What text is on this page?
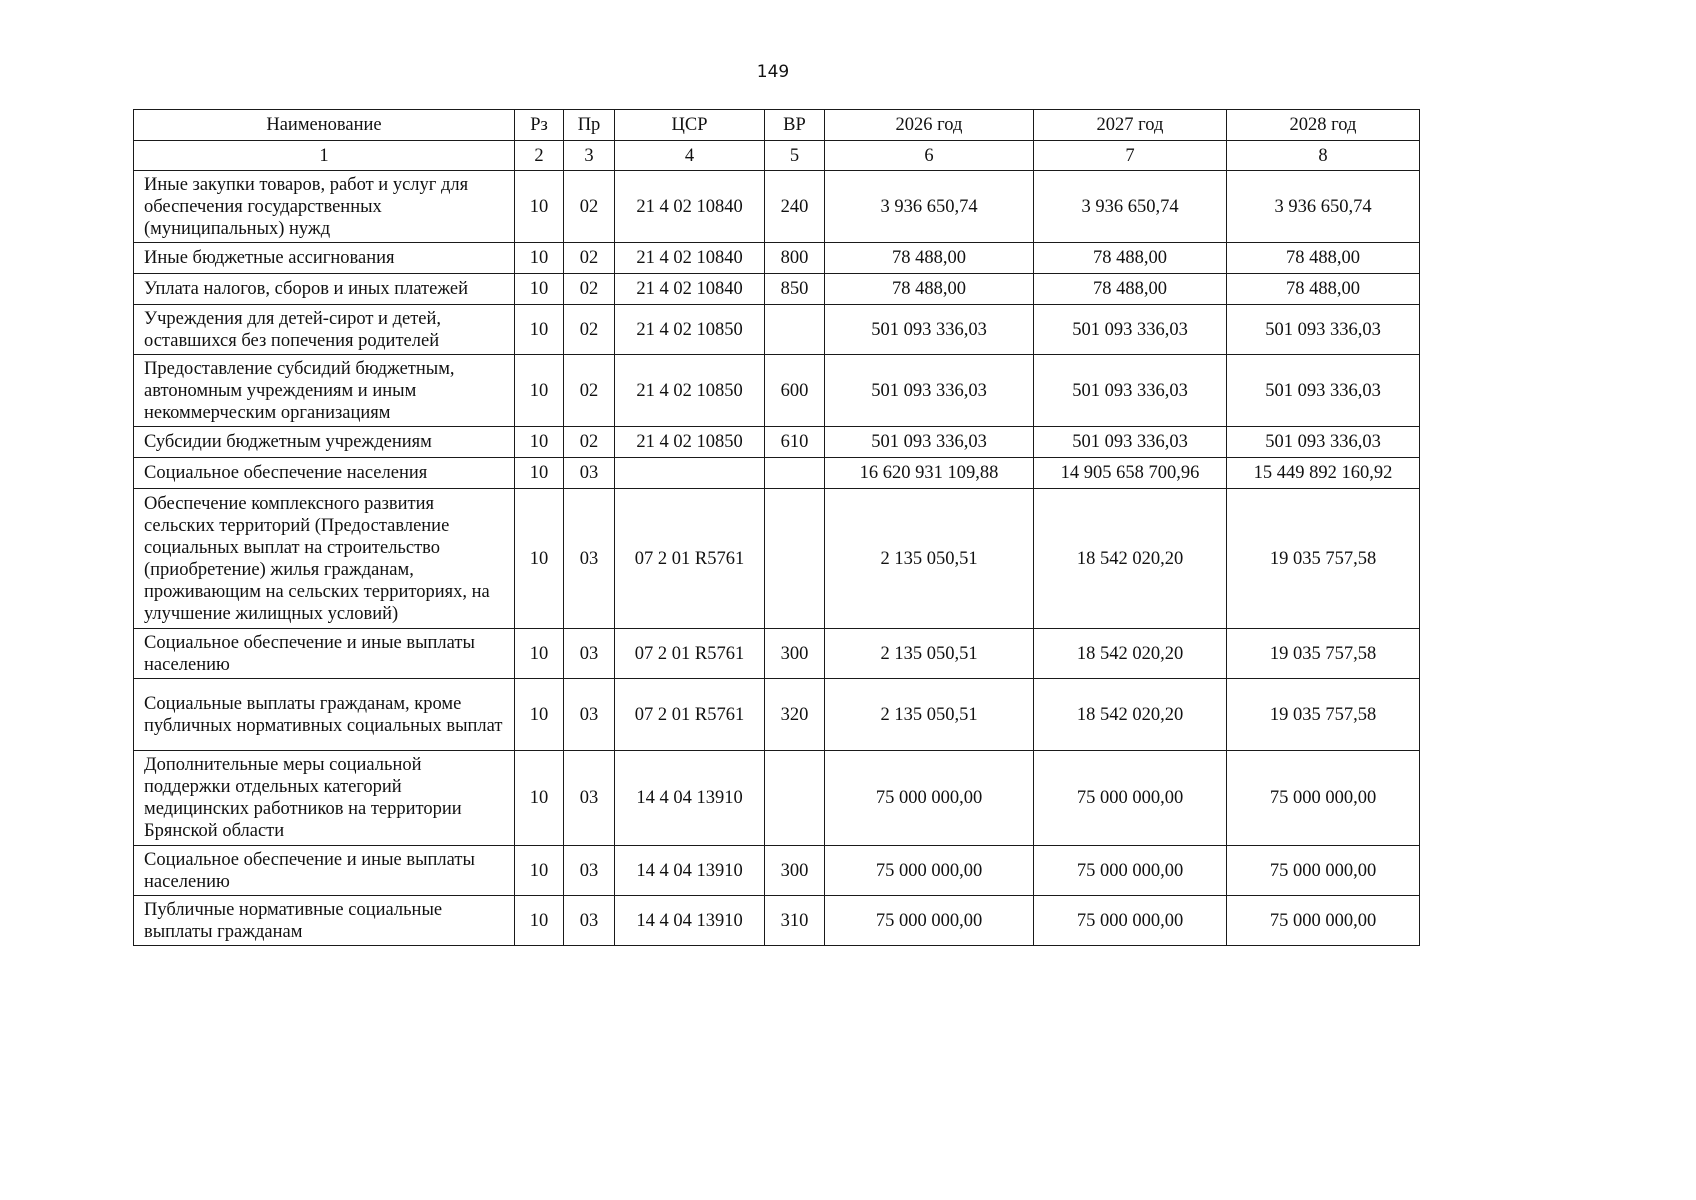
149
Наименование	Рз	Пр	ЦСР	ВР	2026 год	2027 год	2028 год
1	2	3	4	5	6	7	8
Иные закупки товаров, работ и услуг для обеспечения государственных (муниципальных) нужд	10	02	21 4 02 10840	240	3 936 650,74	3 936 650,74	3 936 650,74
Иные бюджетные ассигнования	10	02	21 4 02 10840	800	78 488,00	78 488,00	78 488,00
Уплата налогов, сборов и иных платежей	10	02	21 4 02 10840	850	78 488,00	78 488,00	78 488,00
Учреждения для детей-сирот и детей, оставшихся без попечения родителей	10	02	21 4 02 10850		501 093 336,03	501 093 336,03	501 093 336,03
Предоставление субсидий бюджетным, автономным учреждениям и иным некоммерческим организациям	10	02	21 4 02 10850	600	501 093 336,03	501 093 336,03	501 093 336,03
Субсидии бюджетным учреждениям	10	02	21 4 02 10850	610	501 093 336,03	501 093 336,03	501 093 336,03
Социальное обеспечение населения	10	03			16 620 931 109,88	14 905 658 700,96	15 449 892 160,92
Обеспечение комплексного развития сельских территорий (Предоставление социальных выплат на строительство (приобретение) жилья гражданам, проживающим на сельских территориях, на улучшение жилищных условий)	10	03	07 2 01 R5761		2 135 050,51	18 542 020,20	19 035 757,58
Социальное обеспечение и иные выплаты населению	10	03	07 2 01 R5761	300	2 135 050,51	18 542 020,20	19 035 757,58
Социальные выплаты гражданам, кроме публичных нормативных социальных выплат	10	03	07 2 01 R5761	320	2 135 050,51	18 542 020,20	19 035 757,58
Дополнительные меры социальной поддержки отдельных категорий медицинских работников на территории Брянской области	10	03	14 4 04 13910		75 000 000,00	75 000 000,00	75 000 000,00
Социальное обеспечение и иные выплаты населению	10	03	14 4 04 13910	300	75 000 000,00	75 000 000,00	75 000 000,00
Публичные нормативные социальные выплаты гражданам	10	03	14 4 04 13910	310	75 000 000,00	75 000 000,00	75 000 000,00
